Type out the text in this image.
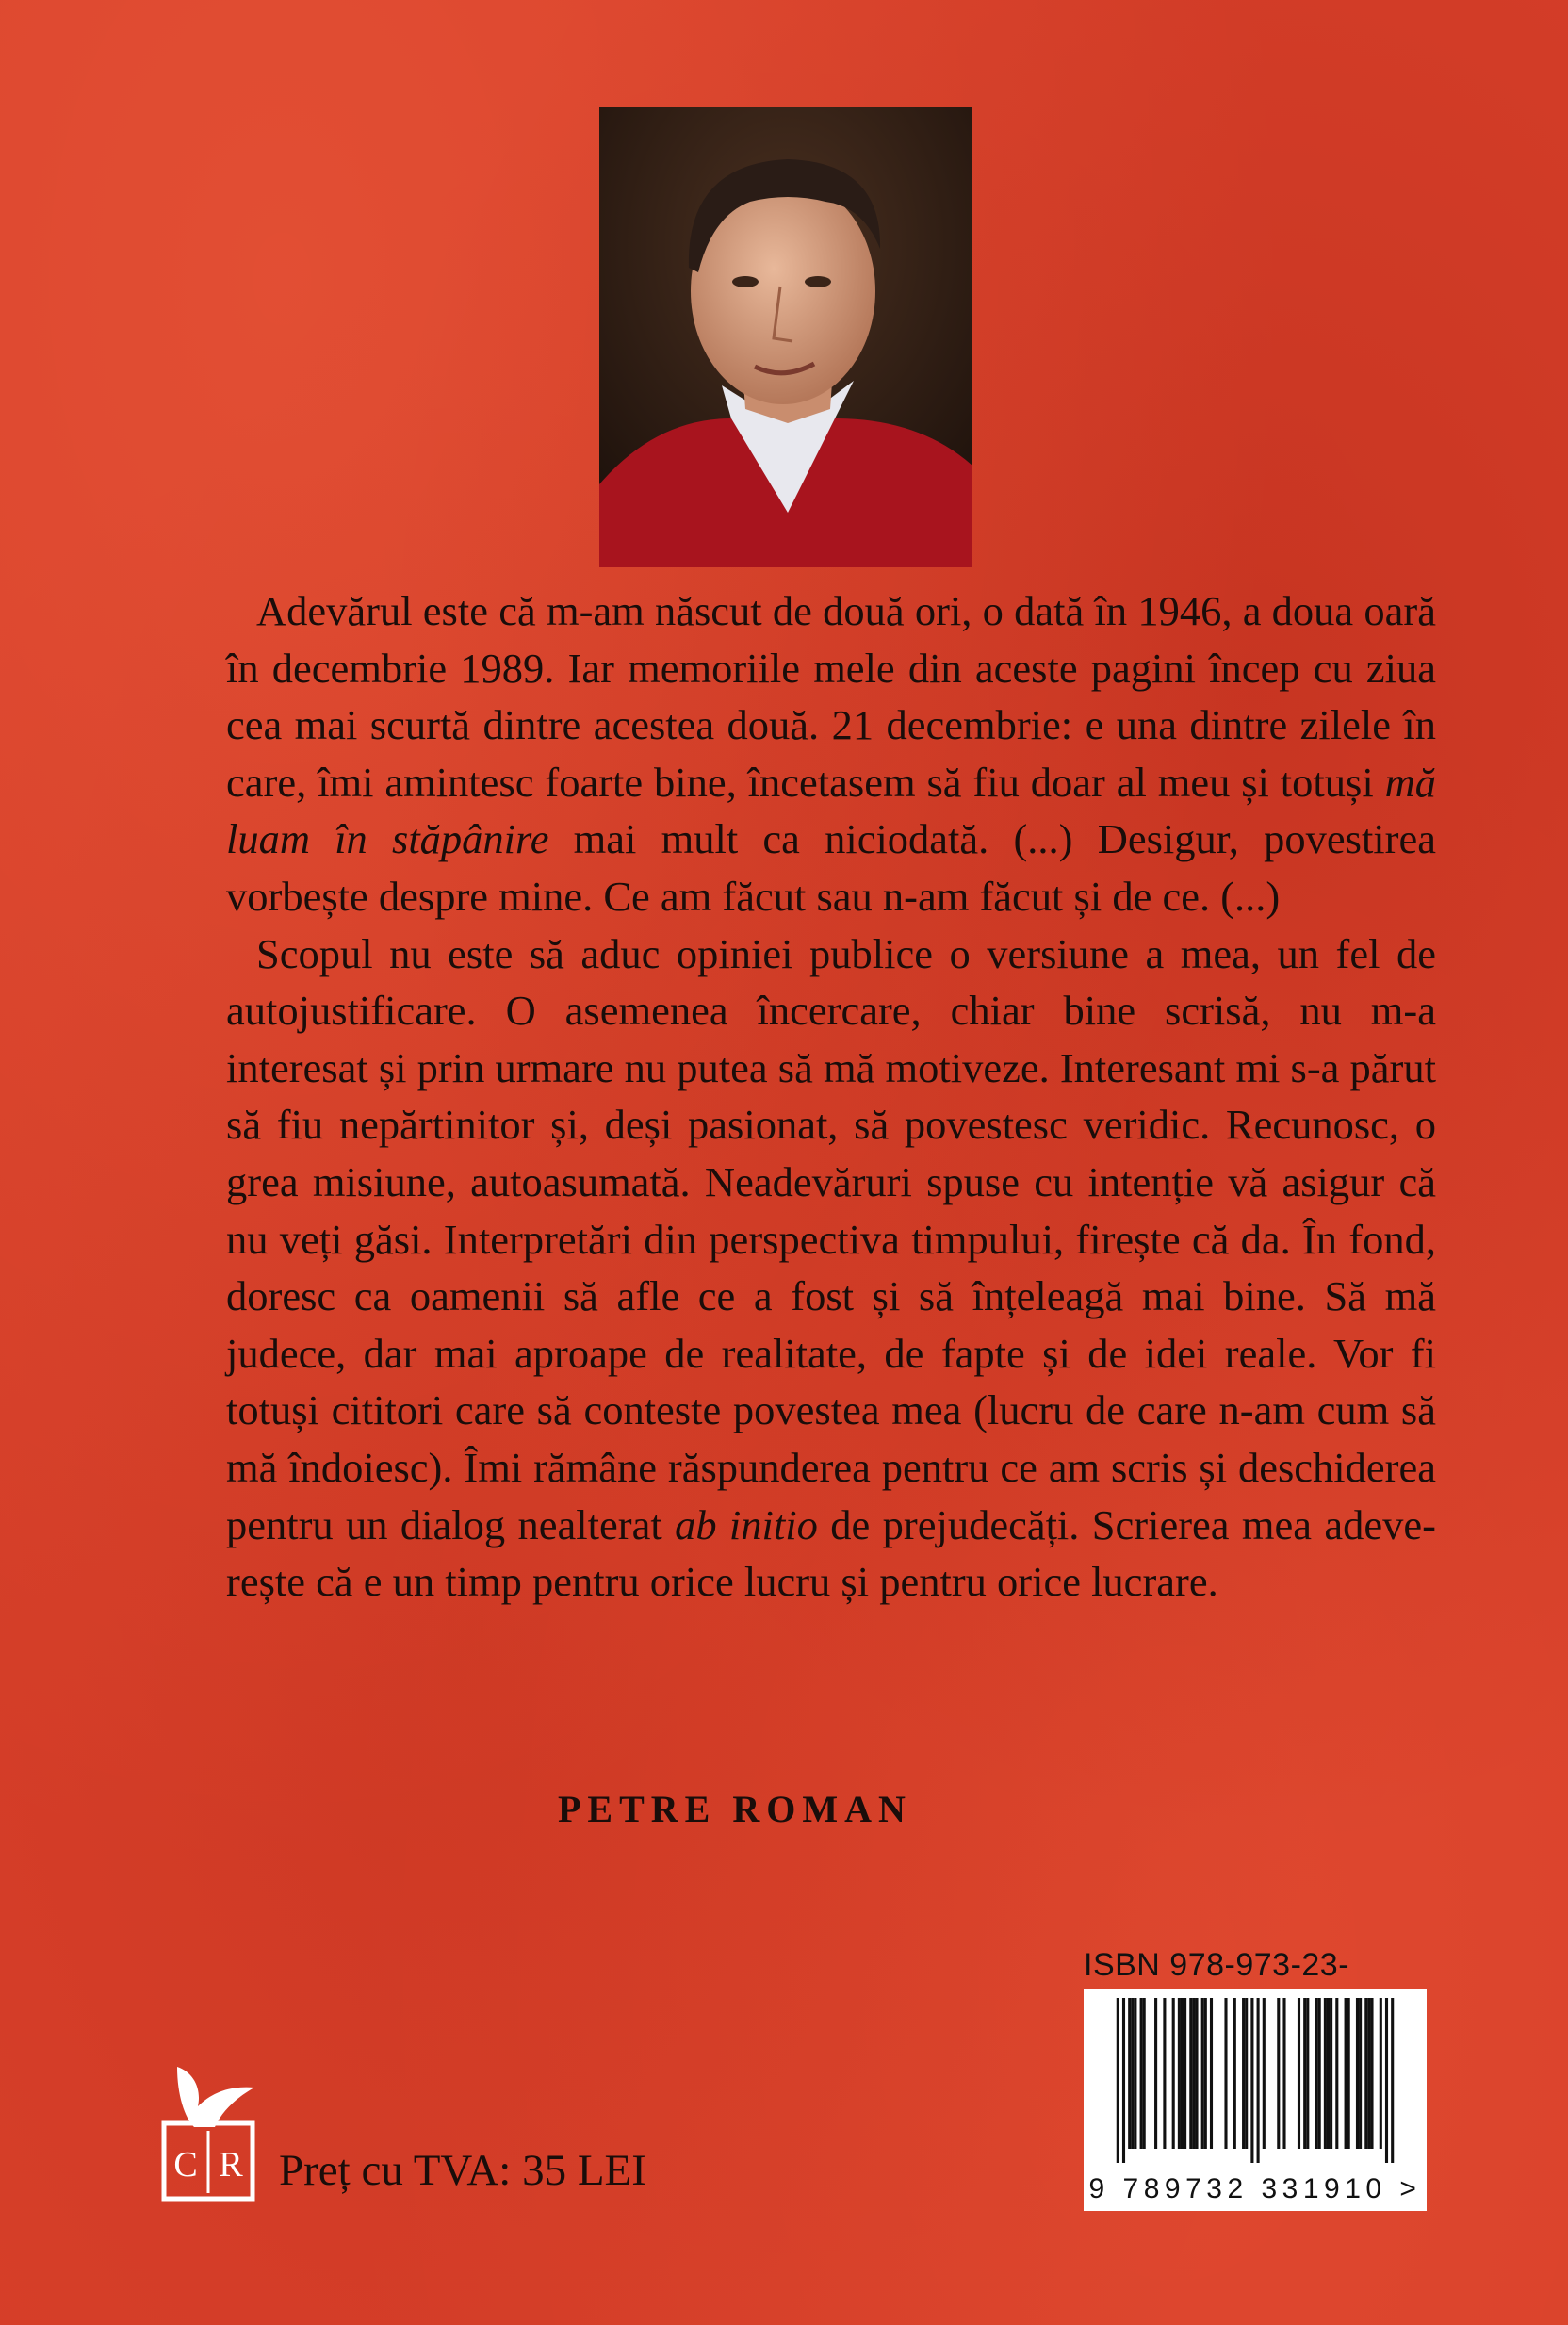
Adevărul este că m-am născut de două ori, o dată în 1946, a doua oară în decembrie 1989. Iar memoriile mele din aceste pagini încep cu ziua cea mai scurtă dintre acestea două. 21 decembrie: e una dintre zilele în care, îmi amintesc foarte bine, încetasem să fiu doar al meu și totuși mă luam în stăpânire mai mult ca niciodată. (...) Desigur, povestirea vorbește despre mine. Ce am făcut sau n-am făcut și de ce. (...)

Scopul nu este să aduc opiniei publice o versiune a mea, un fel de autojustificare. O asemenea încercare, chiar bine scrisă, nu m-a interesat și prin urmare nu putea să mă motiveze. Interesant mi s-a părut să fiu nepărtinitor și, deși pasionat, să povestesc veridic. Recunosc, o grea misiune, autoasumată. Neadevăruri spuse cu intenție vă asigur că nu veți găsi. Interpretări din perspectiva timpului, firește că da. În fond, doresc ca oamenii să afle ce a fost și să înțeleagă mai bine. Să mă judece, dar mai aproape de realitate, de fapte și de idei reale. Vor fi totuși cititori care să conteste povestea mea (lucru de care n-am cum să mă îndoiesc). Îmi rămâne răspunderea pentru ce am scris și deschiderea pentru un dialog nealterat ab initio de prejudecăți. Scrierea mea adeverește că e un timp pentru orice lucru și pentru orice lucrare.

PETRE ROMAN
C R Preț cu TVA: 35 LEI
ISBN 978-973-23-
9 789732 331910 >
